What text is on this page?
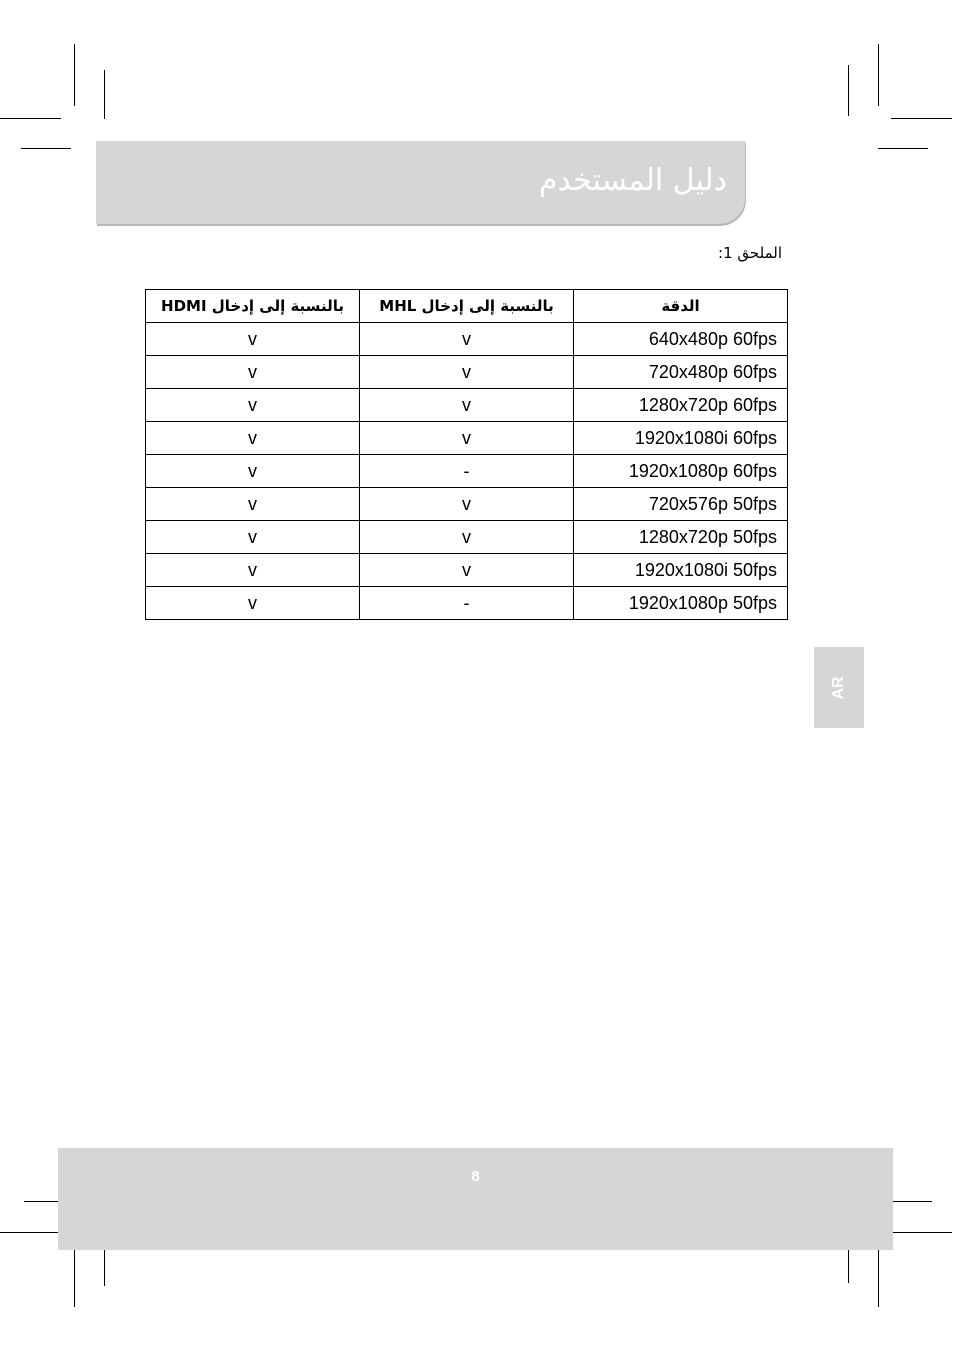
دليل المستخدم
الملحق 1:
بالنسبة إلى إدخال HDMI	بالنسبة إلى إدخال MHL	الدقة
v	v	640x480p 60fps
v	v	720x480p 60fps
v	v	1280x720p 60fps
v	v	1920x1080i 60fps
v	-	1920x1080p 60fps
v	v	720x576p 50fps
v	v	1280x720p 50fps
v	v	1920x1080i 50fps
v	-	1920x1080p 50fps
AR
8
